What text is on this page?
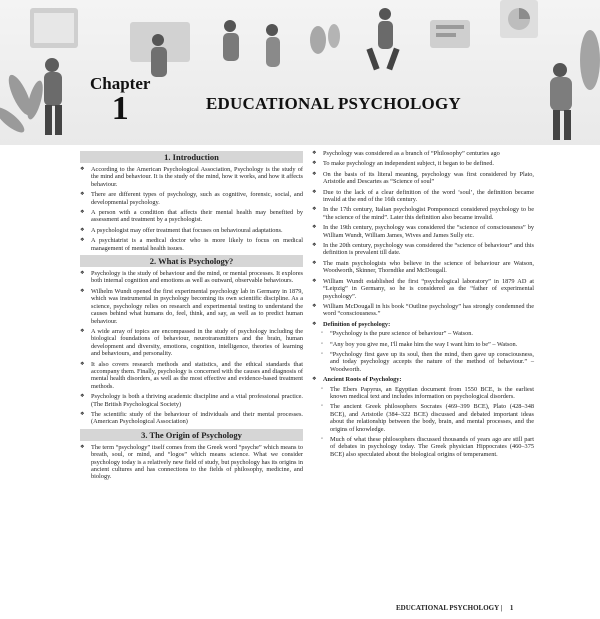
Chapter
1	EDUCATIONAL PSYCHOLOGY
1. Introduction
❖ According to the American Psychological Association, Psychology is the study of the mind and behaviour. It is the study of the mind, how it works, and how it affects behaviour.
❖ There are different types of psychology, such as cognitive, forensic, social, and developmental psychology.
❖ A person with a condition that affects their mental health may benefited by assessment and treatment by a psychologist.
❖ A psychologist may offer treatment that focuses on behavioural adaptations.
❖ A psychiatrist is a medical doctor who is more likely to focus on medical management of mental health issues.
2. What is Psychology?
❖ Psychology is the study of behaviour and the mind, or mental processes. It explores both internal cognition and emotions as well as outward, observable behaviours.
❖ Wilhelm Wundt opened the first experimental psychology lab in Germany in 1879, which was instrumental in psychology becoming its own scientific discipline. As a science, psychology relies on research and experimental testing to understand the causes behind what humans do, feel, think, and say, as well as to predict human behaviour.
❖ A wide array of topics are encompassed in the study of psychology including the biological foundations of behaviour, neurotransmitters and the brain, human development and diversity, emotions, cognition, intelligence, theories of learning and behaviours, and personality.
❖ It also covers research methods and statistics, and the ethical standards that accompany them. Finally, psychology is concerned with the causes and diagnosis of mental health disorders, as well as the most effective and evidence-based treatment methods.
❖ Psychology is both a thriving academic discipline and a vital professional practice. (The British Psychological Society)
❖ The scientific study of the behaviour of individuals and their mental processes. (American Psychological Association)
3. The Origin of Psychology
❖ The term “psychology” itself comes from the Greek word “psyche” which means to breath, soul, or mind, and “logos” which means science. What we consider psychology today is a relatively new field of study, but psychology has its origins in ancient cultures and has connections to the fields of philosophy, medicine, and biology.
❖ Psychology was considered as a branch of “Philosophy” centuries ago
❖ To make psychology an independent subject, it began to be defined.
❖ On the basis of its literal meaning, psychology was first considered by Plato, Aristotle and Descartes as “Science of soul”
❖ Due to the lack of a clear definition of the word ‘soul’, the definition became invalid at the end of the 16th century.
❖ In the 17th century, Italian psychologist Pomponozzi considered psychology to be “the science of the mind”. Later this definition also became invalid.
❖ In the 19th century, psychology was considered the “science of consciousness” by William Wundt, William James, Wives and James Sully etc.
❖ In the 20th century, psychology was considered the “science of behaviour” and this definition is prevalent till date.
❖ The main psychologists who believe in the science of behaviour are Watson, Woodworth, Skinner, Thorndike and McDougall.
❖ William Wundt established the first “psychological laboratory” in 1879 AD at “Leipzig” in Germany, so he is considered as the “father of experimental psychology”.
❖ William McDougall in his book “Outline psychology” has strongly condemned the word “consciousness.”
❖ Definition of psychology:
◦ “Psychology is the pure science of behaviour” – Watson.
◦ “Any boy you give me, I'll make him the way I want him to be” – Watson.
◦ “Psychology first gave up its soul, then the mind, then gave up consciousness, and today psychology accepts the nature of the method of behaviour.” – Woodworth.
❖ Ancient Roots of Psychology:
◦ The Ebers Papyrus, an Egyptian document from 1550 BCE, is the earliest known medical text and includes information on psychological disorders.
◦ The ancient Greek philosophers Socrates (469–399 BCE), Plato (428–348 BCE), and Aristotle (384–322 BCE) discussed and debated important ideas about the relationship between the body, brain, and mental processes, and the origins of knowledge.
◦ Much of what these philosophers discussed thousands of years ago are still part of debates in psychology today. The Greek physician Hippocrates (460–375 BCE) also speculated about the biological origins of temperament.
EDUCATIONAL PSYCHOLOGY | 1
